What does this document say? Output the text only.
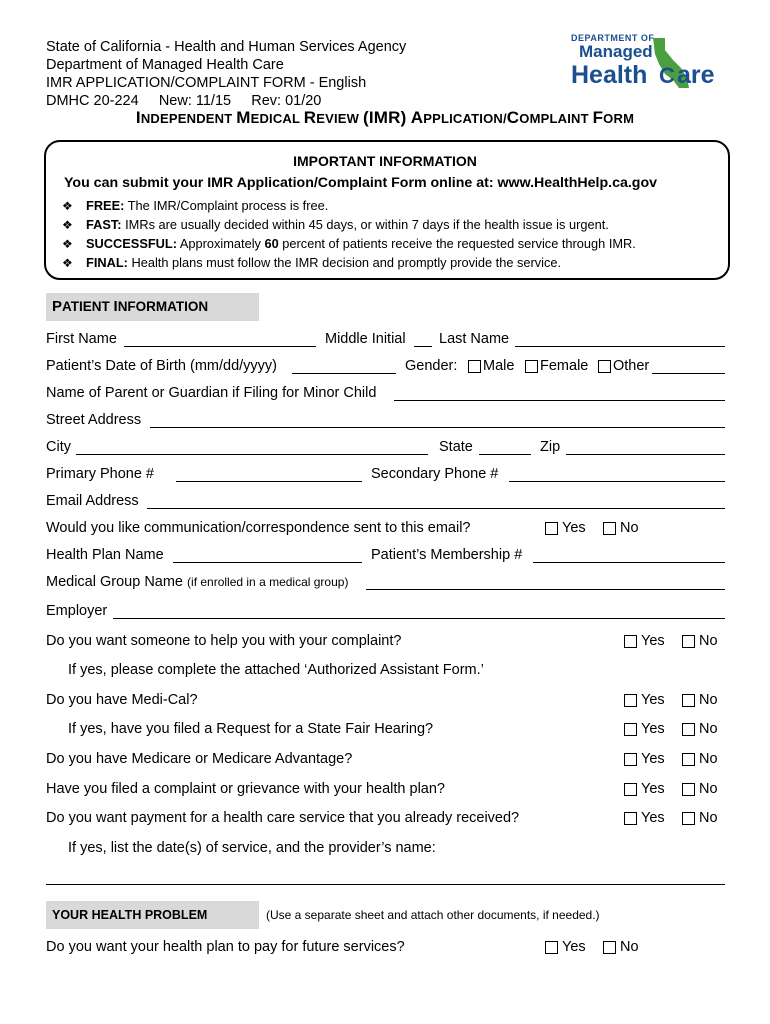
State of California - Health and Human Services Agency
Department of Managed Health Care
IMR APPLICATION/COMPLAINT FORM - English
DMHC 20-224     New: 11/15     Rev: 01/20
DEPARTMENT OF
Managed
Health C are
INDEPENDENT MEDICAL REVIEW (IMR) APPLICATION/COMPLAINT FORM
IMPORTANT INFORMATION
You can submit your IMR Application/Complaint Form online at: www.HealthHelp.ca.gov
❖ FREE: The IMR/Complaint process is free.
❖ FAST: IMRs are usually decided within 45 days, or within 7 days if the health issue is urgent.
❖ SUCCESSFUL: Approximately 60 percent of patients receive the requested service through IMR.
❖ FINAL: Health plans must follow the IMR decision and promptly provide the service.
PATIENT INFORMATION
First Name	Middle Initial Last Name
Patient’s Date of Birth (mm/dd/yyyy)	Gender: Male Female Other
Name of Parent or Guardian if Filing for Minor Child
Street Address
City	State	Zip
Primary Phone #	Secondary Phone #
Email Address
Would you like communication/correspondence sent to this email?	Yes No
Health Plan Name	Patient’s Membership #
Medical Group Name (if enrolled in a medical group)
Employer
Do you want someone to help you with your complaint?	Yes No
If yes, please complete the attached ‘Authorized Assistant Form.’
Do you have Medi-Cal?	Yes No
If yes, have you filed a Request for a State Fair Hearing?	Yes No
Do you have Medicare or Medicare Advantage?	Yes No
Have you filed a complaint or grievance with your health plan?	Yes No
Do you want payment for a health care service that you already received?	Yes No
If yes, list the date(s) of service, and the provider’s name:
YOUR HEALTH PROBLEM	(Use a separate sheet and attach other documents, if needed.)
Do you want your health plan to pay for future services?	Yes No
